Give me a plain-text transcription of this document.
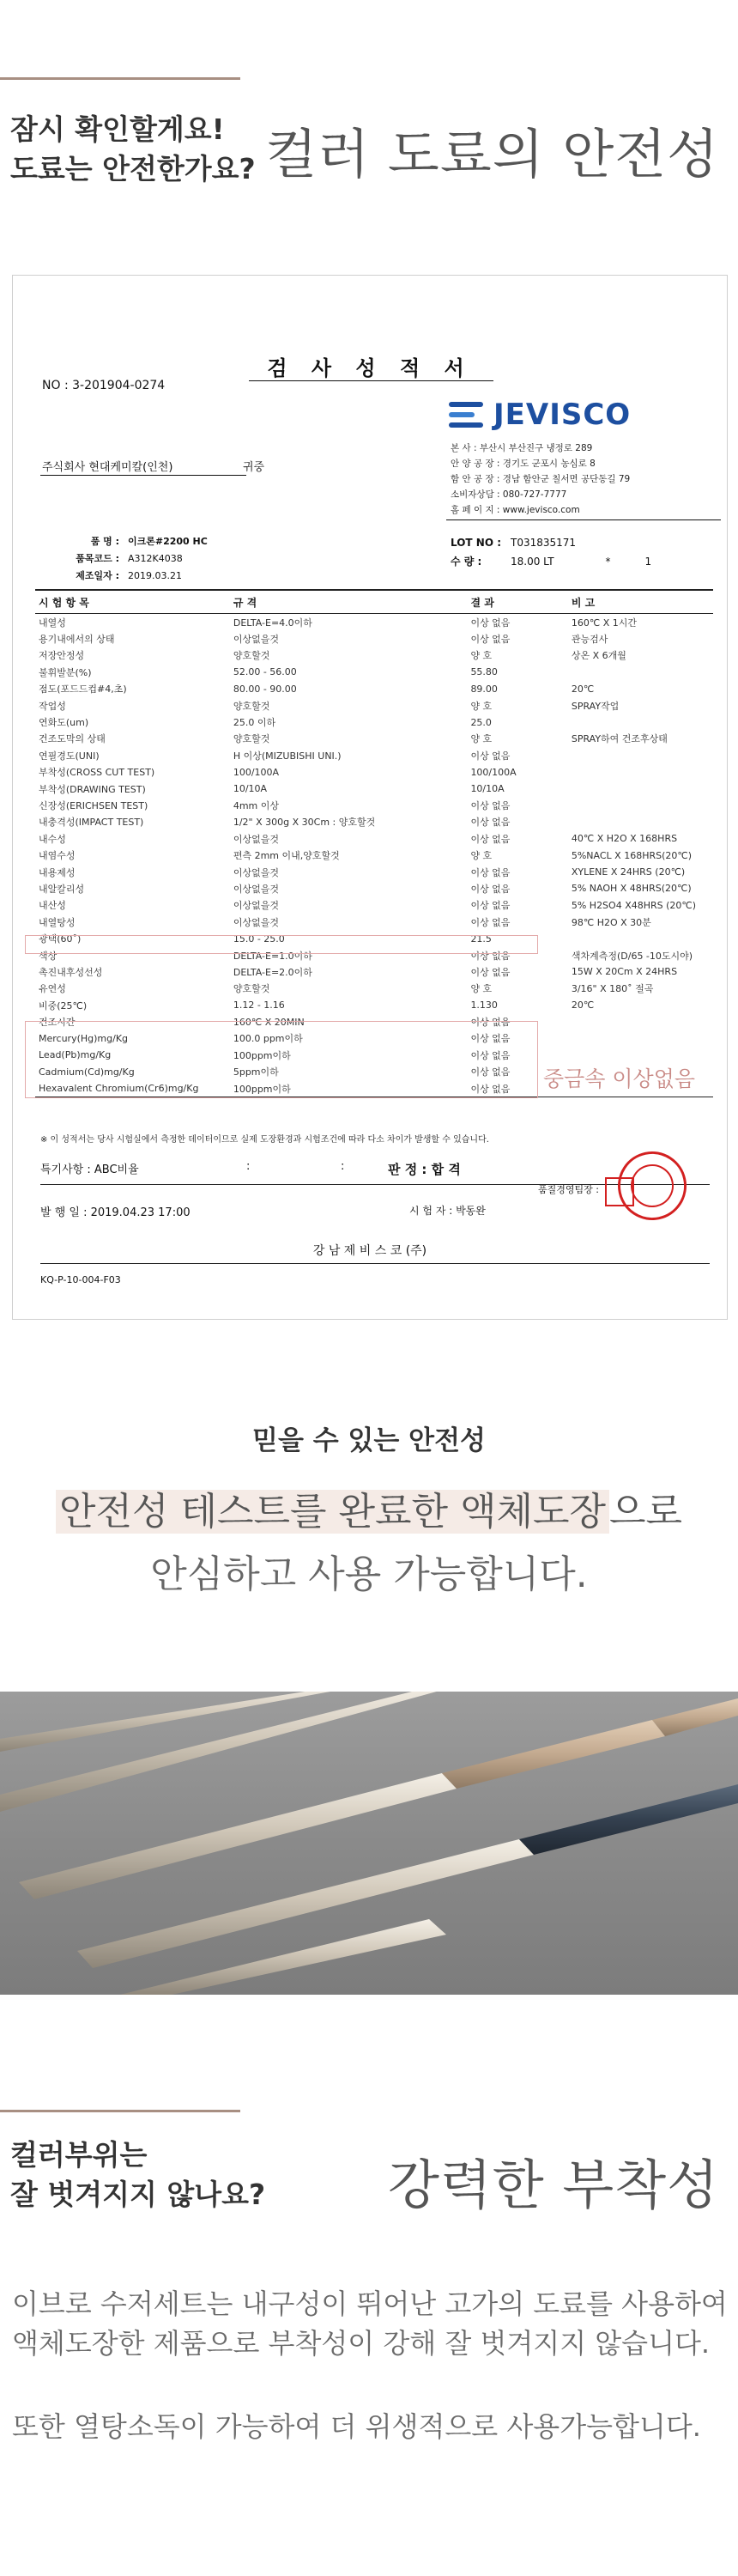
잠시 확인할게요!
도료는 안전한가요? 컬러 도료의 안전성
검 사 성 적 서
NO : 3-201904-0274
JEVISCO
본 사 : 부산시 부산진구 냉정로 289
안 양 공 장 : 경기도 군포시 농심로 8
함 안 공 장 : 경남 함안군 칠서면 공단동길 79
소비자상담 : 080-727-7777
홈 페 이 지 : www.jevisco.com
주식회사 현대케미칼(인천)	귀중
품 명 : 이크론#2200 HC
품목코드 : A312K4038
제조일자 : 2019.03.21
LOT NO : T031835171
수 량 :	18.00 LT	*	1
시 험 항 목	규 격	결 과	비 고
내열성	DELTA-E=4.0이하	이상 없음	160℃ X 1시간
용기내에서의 상태	이상없을것	이상 없음	관능검사
저장안정성	양호할것	양 호	상온 X 6개월
불휘발분(%)	52.00 - 56.00	55.80
점도(포드드컵#4,초)	80.00 - 90.00	89.00	20℃
작업성	양호할것	양 호	SPRAY작업
연화도(um)	25.0 이하	25.0
건조도막의 상태	양호할것	양 호	SPRAY하여 건조후상태
연필경도(UNI)	H 이상(MIZUBISHI UNI.)	이상 없음
부착성(CROSS CUT TEST)	100/100A	100/100A
부착성(DRAWING TEST)	10/10A	10/10A
신장성(ERICHSEN TEST)	4mm 이상	이상 없음
내충격성(IMPACT TEST)	1/2" X 300g X 30Cm : 양호할것	이상 없음
내수성	이상없을것	이상 없음	40℃ X H2O X 168HRS
내염수성	편측 2mm 이내,양호할것	양 호	5%NACL X 168HRS(20℃)
내용제성	이상없을것	이상 없음	XYLENE X 24HRS (20℃)
내알칼리성	이상없을것	이상 없음	5% NAOH X 48HRS(20℃)
내산성	이상없을것	이상 없음	5% H2SO4 X48HRS (20℃)
내열탕성	이상없을것	이상 없음	98℃ H2O X 30분
광택(60˚)	15.0 - 25.0	21.5
색상	DELTA-E=1.0이하	이상 없음	색차계측정(D/65 -10도시야)
촉진내후성선성	DELTA-E=2.0이하	이상 없음	15W X 20Cm X 24HRS
유연성	양호할것	양 호	3/16" X 180˚ 절곡
비중(25℃)	1.12 - 1.16	1.130	20℃
건조시간	160℃ X 20MIN	이상 없음
Mercury(Hg)mg/Kg	100.0 ppm이하	이상 없음
Lead(Pb)mg/Kg	100ppm이하	이상 없음
Cadmium(Cd)mg/Kg	5ppm이하	이상 없음
Hexavalent Chromium(Cr6)mg/Kg	100ppm이하	이상 없음	중금속 이상없음
※ 이 성적서는 당사 시험실에서 측정한 데이터이므로 실제 도장환경과 시험조건에 따라 다소 차이가 발생할 수 있습니다.
특기사항 : ABC비율	:	:	판 정 : 합 격
발 행 일 : 2019.04.23 17:00	시 험 자 : 박동완
품질경영팀장 :
강 남 제 비 스 코 (주)
KQ-P-10-004-F03
믿을 수 있는 안전성
안전성 테스트를 완료한 액체도장으로
안심하고 사용 가능합니다.
컬러부위는
잘 벗겨지지 않나요? 강력한 부착성
이브로 수저세트는 내구성이 뛰어난 고가의 도료를 사용하여
액체도장한 제품으로 부착성이 강해 잘 벗겨지지 않습니다.
또한 열탕소독이 가능하여 더 위생적으로 사용가능합니다.
